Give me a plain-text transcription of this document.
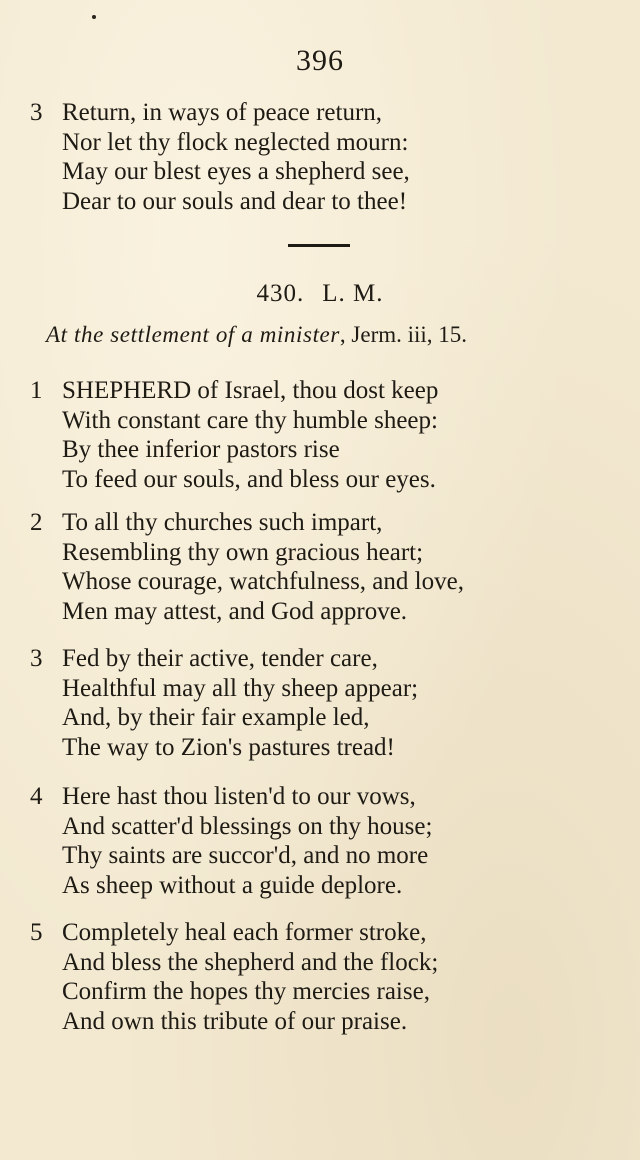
396
3 Return, in ways of peace return,
Nor let thy flock neglected mourn:
May our blest eyes a shepherd see,
Dear to our souls and dear to thee!
430. L. M.
At the settlement of a minister, Jerm. iii, 15.
1 SHEPHERD of Israel, thou dost keep
With constant care thy humble sheep:
By thee inferior pastors rise
To feed our souls, and bless our eyes.
2 To all thy churches such impart,
Resembling thy own gracious heart;
Whose courage, watchfulness, and love,
Men may attest, and God approve.
3 Fed by their active, tender care,
Healthful may all thy sheep appear;
And, by their fair example led,
The way to Zion's pastures tread!
4 Here hast thou listen'd to our vows,
And scatter'd blessings on thy house;
Thy saints are succor'd, and no more
As sheep without a guide deplore.
5 Completely heal each former stroke,
And bless the shepherd and the flock;
Confirm the hopes thy mercies raise,
And own this tribute of our praise.
